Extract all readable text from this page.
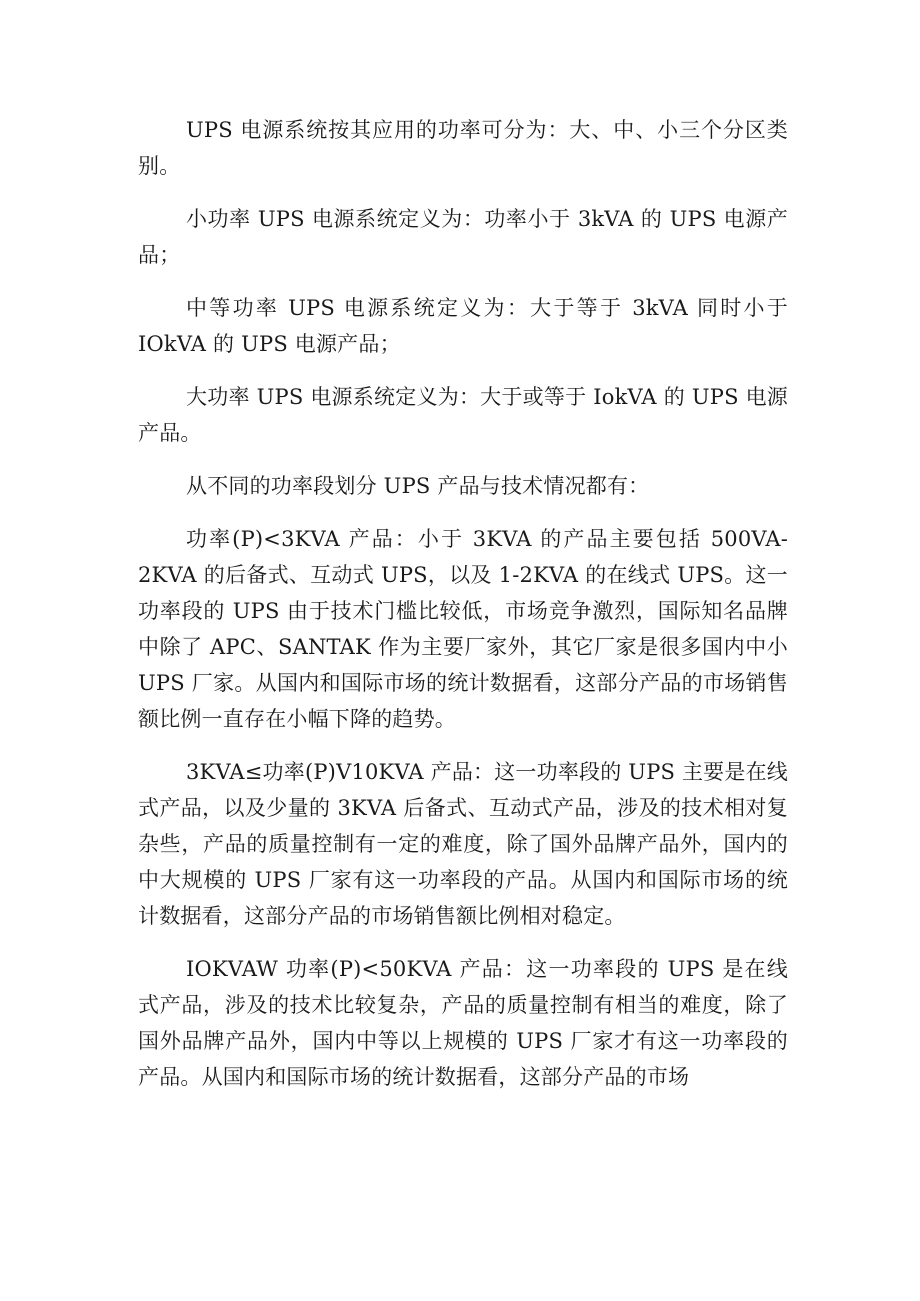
UPS 电源系统按其应用的功率可分为：大、中、小三个分区类别。

小功率 UPS 电源系统定义为：功率小于 3kVA 的 UPS 电源产品；

中等功率 UPS 电源系统定义为：大于等于 3kVA 同时小于 IOkVA 的 UPS 电源产品；

大功率 UPS 电源系统定义为：大于或等于 IokVA 的 UPS 电源产品。

从不同的功率段划分 UPS 产品与技术情况都有：

功率(P)<3KVA 产品：小于 3KVA 的产品主要包括 500VA-2KVA 的后备式、互动式 UPS，以及 1-2KVA 的在线式 UPS。这一功率段的 UPS 由于技术门槛比较低，市场竞争激烈，国际知名品牌中除了 APC、SANTAK 作为主要厂家外，其它厂家是很多国内中小 UPS 厂家。从国内和国际市场的统计数据看，这部分产品的市场销售额比例一直存在小幅下降的趋势。

3KVA≤功率(P)V10KVA 产品：这一功率段的 UPS 主要是在线式产品，以及少量的 3KVA 后备式、互动式产品，涉及的技术相对复杂些，产品的质量控制有一定的难度，除了国外品牌产品外，国内的中大规模的 UPS 厂家有这一功率段的产品。从国内和国际市场的统计数据看，这部分产品的市场销售额比例相对稳定。

IOKVAW 功率(P)<50KVA 产品：这一功率段的 UPS 是在线式产品，涉及的技术比较复杂，产品的质量控制有相当的难度，除了国外品牌产品外，国内中等以上规模的 UPS 厂家才有这一功率段的产品。从国内和国际市场的统计数据看，这部分产品的市场
